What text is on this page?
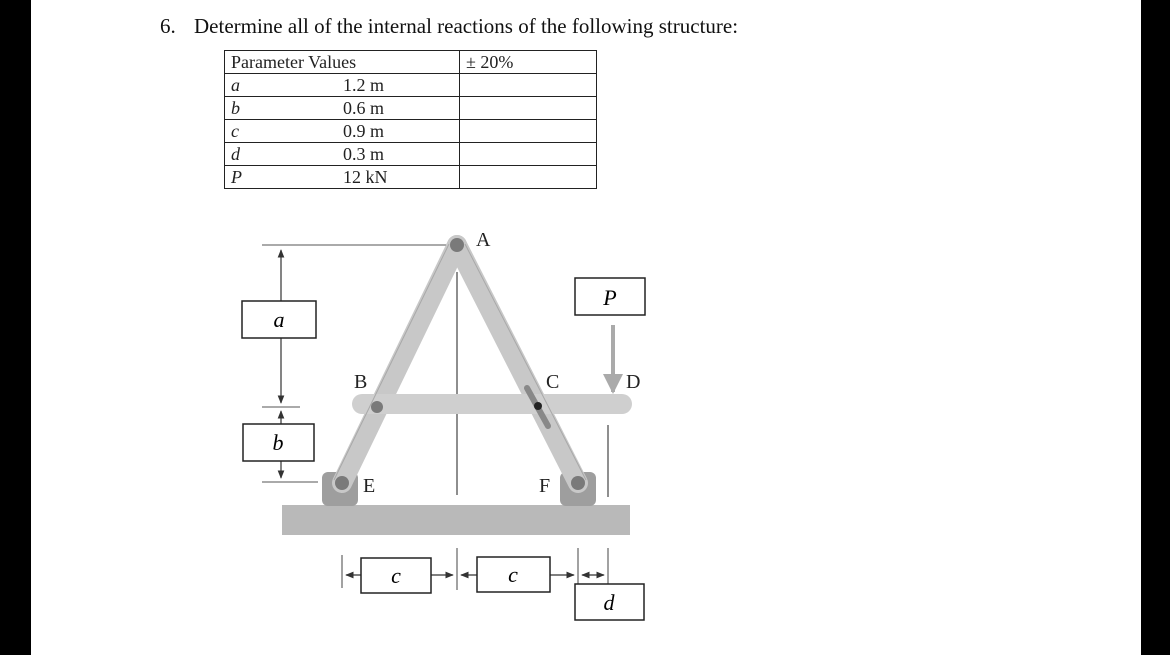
6. Determine all of the internal reactions of the following structure:
Parameter Values		± 20%
a	1.2 m	
b	0.6 m	
c	0.9 m	
d	0.3 m	
P	12 kN	
A
B	C	D
E	F
P
a
b
c	c
d
